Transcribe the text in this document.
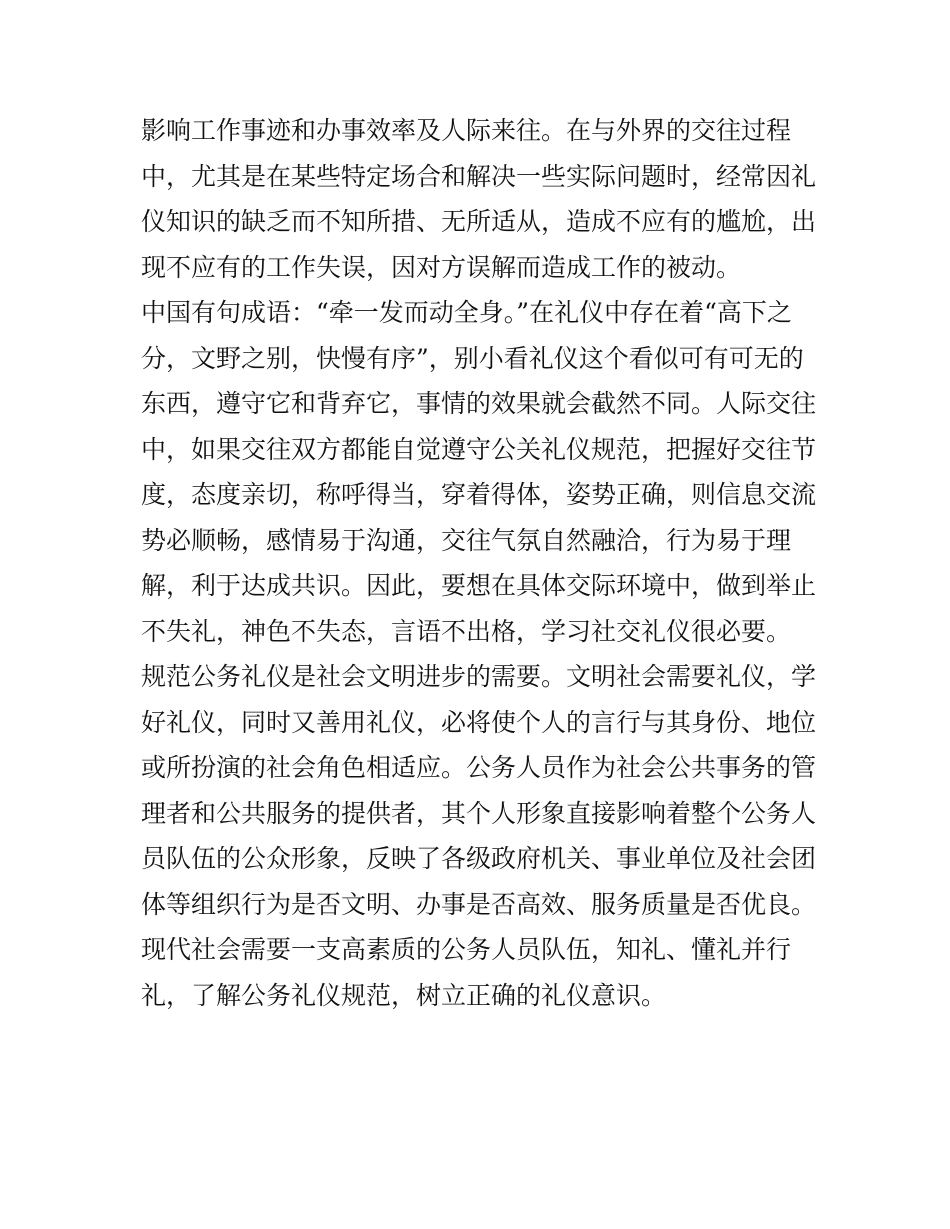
影响工作事迹和办事效率及人际来往。在与外界的交往过程
中，尤其是在某些特定场合和解决一些实际问题时，经常因礼
仪知识的缺乏而不知所措、无所适从，造成不应有的尴尬，出
现不应有的工作失误，因对方误解而造成工作的被动。
中国有句成语：“牵一发而动全身。”在礼仪中存在着“高下之
分，文野之别，快慢有序”，别小看礼仪这个看似可有可无的
东西，遵守它和背弃它，事情的效果就会截然不同。人际交往
中，如果交往双方都能自觉遵守公关礼仪规范，把握好交往节
度，态度亲切，称呼得当，穿着得体，姿势正确，则信息交流
势必顺畅，感情易于沟通，交往气氛自然融洽，行为易于理
解，利于达成共识。因此，要想在具体交际环境中，做到举止
不失礼，神色不失态，言语不出格，学习社交礼仪很必要。
规范公务礼仪是社会文明进步的需要。文明社会需要礼仪，学
好礼仪，同时又善用礼仪，必将使个人的言行与其身份、地位
或所扮演的社会角色相适应。公务人员作为社会公共事务的管
理者和公共服务的提供者，其个人形象直接影响着整个公务人
员队伍的公众形象，反映了各级政府机关、事业单位及社会团
体等组织行为是否文明、办事是否高效、服务质量是否优良。
现代社会需要一支高素质的公务人员队伍，知礼、懂礼并行
礼，了解公务礼仪规范，树立正确的礼仪意识。
